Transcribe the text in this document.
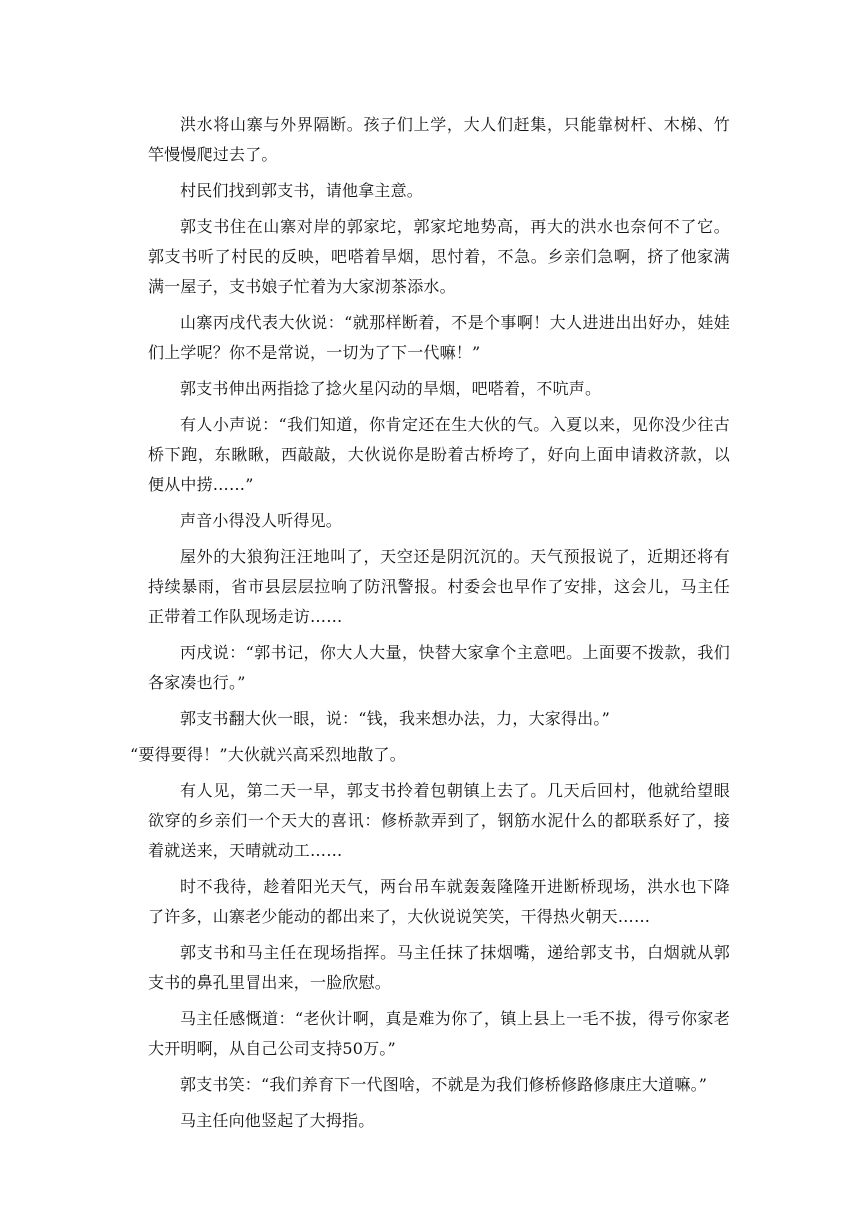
洪水将山寨与外界隔断。孩子们上学，大人们赶集，只能靠树杆、木梯、竹竿慢慢爬过去了。

村民们找到郭支书，请他拿主意。

郭支书住在山寨对岸的郭家坨，郭家坨地势高，再大的洪水也奈何不了它。郭支书听了村民的反映，吧嗒着旱烟，思忖着，不急。乡亲们急啊，挤了他家满满一屋子，支书娘子忙着为大家沏茶添水。

山寨丙戌代表大伙说：“就那样断着，不是个事啊！大人进进出出好办，娃娃们上学呢？你不是常说，一切为了下一代嘛！”

郭支书伸出两指捻了捻火星闪动的旱烟，吧嗒着，不吭声。

有人小声说：“我们知道，你肯定还在生大伙的气。入夏以来，见你没少往古桥下跑，东瞅瞅，西敲敲，大伙说你是盼着古桥垮了，好向上面申请救济款，以便从中捞……”

声音小得没人听得见。

屋外的大狼狗汪汪地叫了，天空还是阴沉沉的。天气预报说了，近期还将有持续暴雨，省市县层层拉响了防汛警报。村委会也早作了安排，这会儿，马主任正带着工作队现场走访……

丙戌说：“郭书记，你大人大量，快替大家拿个主意吧。上面要不拨款，我们各家凑也行。”

郭支书翻大伙一眼，说：“钱，我来想办法，力，大家得出。”

“要得要得！”大伙就兴高采烈地散了。

有人见，第二天一早，郭支书拎着包朝镇上去了。几天后回村，他就给望眼欲穿的乡亲们一个天大的喜讯：修桥款弄到了，钢筋水泥什么的都联系好了，接着就送来，天晴就动工……

时不我待，趁着阳光天气，两台吊车就轰轰隆隆开进断桥现场，洪水也下降了许多，山寨老少能动的都出来了，大伙说说笑笑，干得热火朝天……

郭支书和马主任在现场指挥。马主任抹了抹烟嘴，递给郭支书，白烟就从郭支书的鼻孔里冒出来，一脸欣慰。

马主任感慨道：“老伙计啊，真是难为你了，镇上县上一毛不拔，得亏你家老大开明啊，从自己公司支持50万。”

郭支书笑：“我们养育下一代图啥，不就是为我们修桥修路修康庄大道嘛。”

马主任向他竖起了大拇指。
